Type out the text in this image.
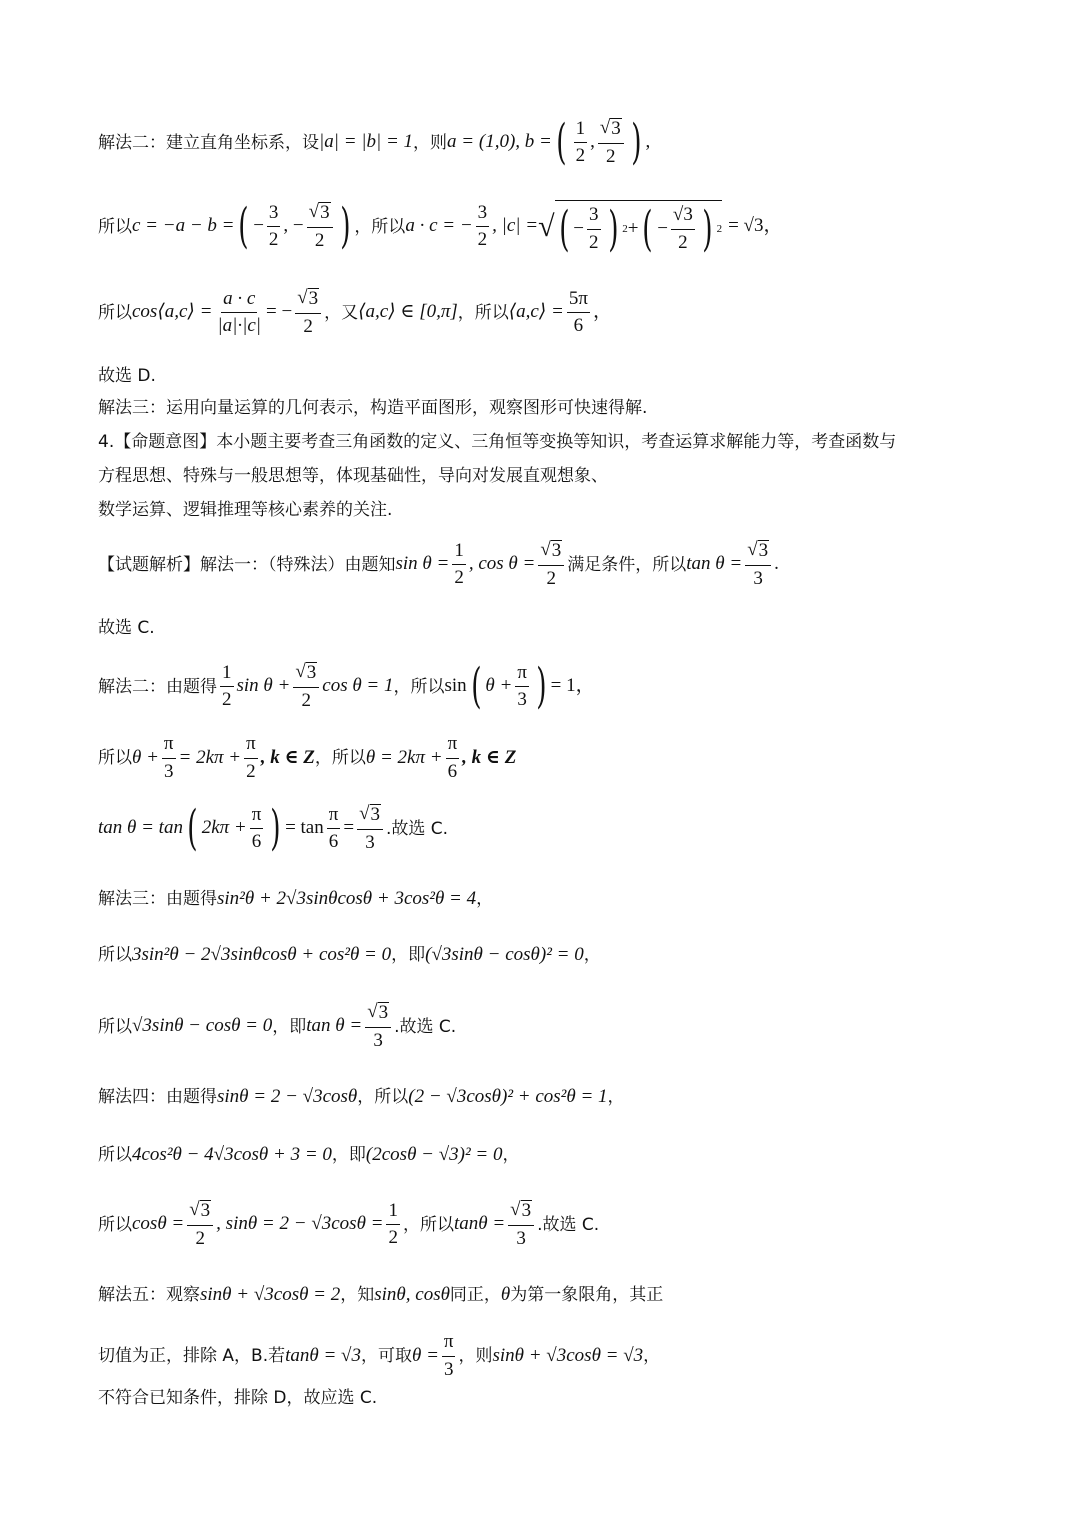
解法二：建立直角坐标系，设 |a| = |b| = 1 ，则 a = (1,0), b = ( $\frac{1}{2}$ , $\frac{√ 3}{2}$ ) ,
所以 c = −a − b = ( − $\frac{3}{2}$ , − $\frac{√ 3}{2}$ ) ，所以 a · c = − $\frac{3}{2}$ , |c| = √ ( − $\frac{3}{2}$ ) 2 + ( − $\frac{√3}{2}$ ) 2 = √3，
所以 cos⟨a,c⟩ = $\frac{a \cdot c}{|a|\cdot|c|}$ = − $\frac{√ 3}{2}$ ，又 ⟨a,c⟩ ∈ [0,π] ，所以 ⟨a,c⟩ = $\frac{5\pi}{6}$ ，
故选 D.
解法三：运用向量运算的几何表示，构造平面图形，观察图形可快速得解.
4.【命题意图】本小题主要考查三角函数的定义、三角恒等变换等知识，考查运算求解能力等，考查函数与
方程思想、特殊与一般思想等，体现基础性，导向对发展直观想象、
数学运算、逻辑推理等核心素养的关注.
【试题解析】解法一：（特殊法）由题知 $\sin \theta = \frac{1}{2}$ , $\cos \theta = \frac{√ 3}{2}$ 满足条件，所以 $\tan \theta = \frac{√ 3}{3}$ .
故选 C.
解法二：由题得 $\frac{1}{2}$ $\sin \theta + \frac{√ 3}{2}$ cos θ = 1 ，所以 sin ( $\theta + \frac{\pi}{3}$ ) = 1，
所以 $\theta + \frac{\pi}{3} = 2k\pi + \frac{\pi}{2}$ , k ∈ Z ，所以 $\theta = 2k\pi + \frac{\pi}{6}$ , k ∈ Z
tan θ = tan ( $2k\pi + \frac{\pi}{6}$ ) = $\tan \frac{\pi}{6} = \frac{√ 3}{3}$ .故选 C.
解法三：由题得 sin²θ + 2√3sinθcosθ + 3cos²θ = 4 ，
所以 3sin²θ − 2√3sinθcosθ + cos²θ = 0 ，即 (√3sinθ − cosθ)² = 0 ，
所以 √3sinθ − cosθ = 0 ，即 $\tan \theta = \frac{√ 3}{3}$ .故选 C.
解法四：由题得 sinθ = 2 − √3cosθ ，所以 (2 − √3cosθ)² + cos²θ = 1 ，
所以 4cos²θ − 4√3cosθ + 3 = 0 ，即 (2cosθ − √3)² = 0 ，
所以 $\cos\theta = \frac{√ 3}{2}$ , $\sin\theta = 2 - √3\cos\theta = \frac{1}{2}$ ，所以 $\tan\theta = \frac{√ 3}{3}$ .故选 C.
解法五：观察 sinθ + √3cosθ = 2 ，知 sinθ, cosθ 同正， θ 为第一象限角，其正
切值为正，排除 A，B.若 tanθ = √3 ，可取 $\theta = \frac{\pi}{3}$ ，则 sinθ + √3cosθ = √3 ，
不符合已知条件，排除 D，故应选 C.
